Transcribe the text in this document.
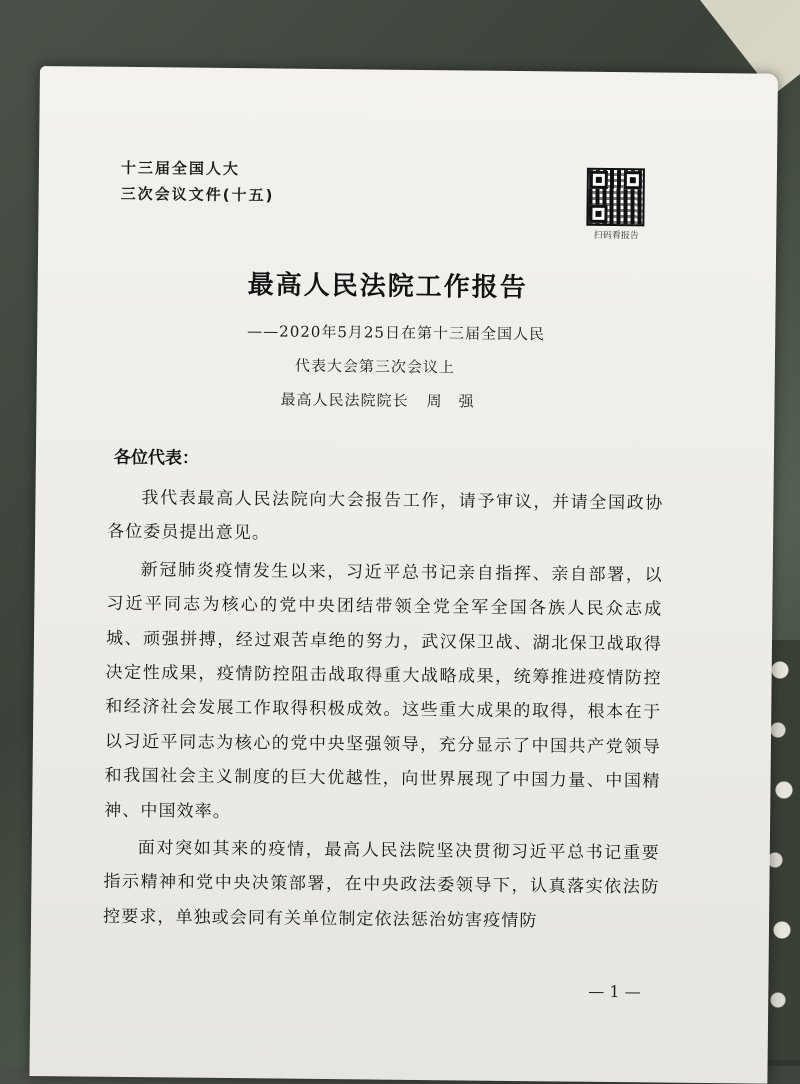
十三届全国人大
三次会议文件(十五)
扫码看报告
最高人民法院工作报告
——2020年5月25日在第十三届全国人民
代表大会第三次会议上
最高人民法院院长 周　强
各位代表：

我代表最高人民法院向大会报告工作，请予审议，并请全国政协各位委员提出意见。

新冠肺炎疫情发生以来，习近平总书记亲自指挥、亲自部署，以习近平同志为核心的党中央团结带领全党全军全国各族人民众志成城、顽强拼搏，经过艰苦卓绝的努力，武汉保卫战、湖北保卫战取得决定性成果，疫情防控阻击战取得重大战略成果，统筹推进疫情防控和经济社会发展工作取得积极成效。这些重大成果的取得，根本在于以习近平同志为核心的党中央坚强领导，充分显示了中国共产党领导和我国社会主义制度的巨大优越性，向世界展现了中国力量、中国精神、中国效率。

面对突如其来的疫情，最高人民法院坚决贯彻习近平总书记重要指示精神和党中央决策部署，在中央政法委领导下，认真落实依法防控要求，单独或会同有关单位制定依法惩治妨害疫情防

— 1 —
